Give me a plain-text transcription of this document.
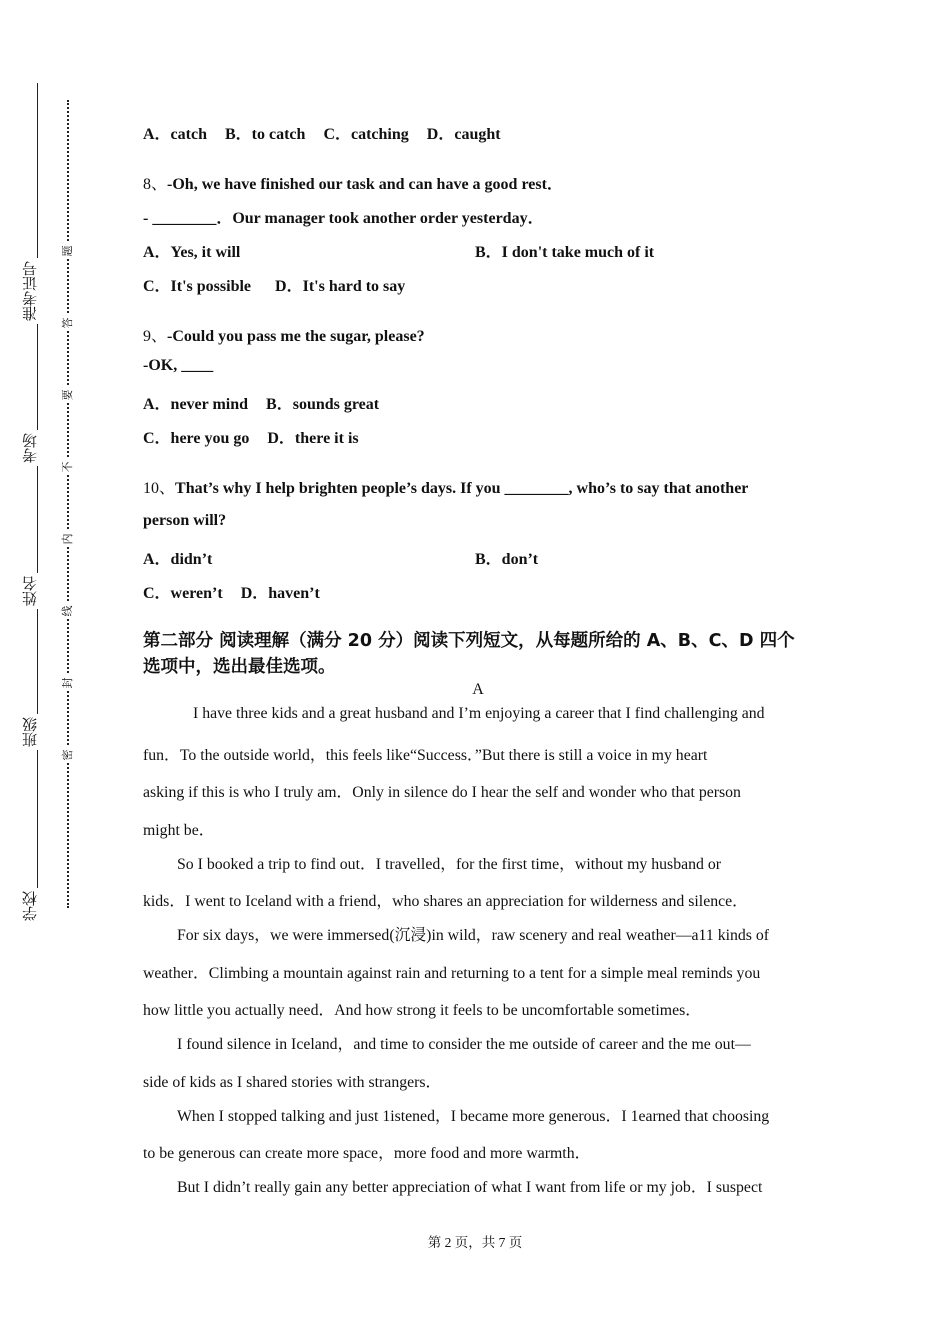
准考证号
考场
姓名
班级
学校
题
答
要
不
内
线
封
密
A．catch B．to catch C．catching D．caught
8、-Oh, we have finished our task and can have a good rest．
- ________．Our manager took another order yesterday．
A．Yes, it will	B．I don't take much of it
C．It's possible D．It's hard to say
9、-Could you pass me the sugar, please?
-OK, ____
A．never mind B．sounds great
C．here you go D．there it is
10、That’s why I help brighten people’s days. If you ________, who’s to say that another
person will?
A．didn’t	B．don’t
C．weren’t D．haven’t
第二部分 阅读理解（满分 20 分）阅读下列短文，从每题所给的 A、B、C、D 四个
选项中，选出最佳选项。
A
I have three kids and a great husband and I’m enjoying a career that I find challenging and
fun．To the outside world，this feels like“Success．”But there is still a voice in my heart
asking if this is who I truly am．Only in silence do I hear the self and wonder who that person
might be．
So I booked a trip to find out．I travelled，for the first time，without my husband or
kids．I went to Iceland with a friend，who shares an appreciation for wilderness and silence．
For six days，we were immersed(沉浸)in wild，raw scenery and real weather—a11 kinds of
weather．Climbing a mountain against rain and returning to a tent for a simple meal reminds you
how little you actually need．And how strong it feels to be uncomfortable sometimes．
I found silence in Iceland，and time to consider the me outside of career and the me out—
side of kids as I shared stories with strangers．
When I stopped talking and just 1istened，I became more generous．I 1earned that choosing
to be generous can create more space，more food and more warmth．
But I didn’t really gain any better appreciation of what I want from life or my job．I suspect
第 2 页，共 7 页
